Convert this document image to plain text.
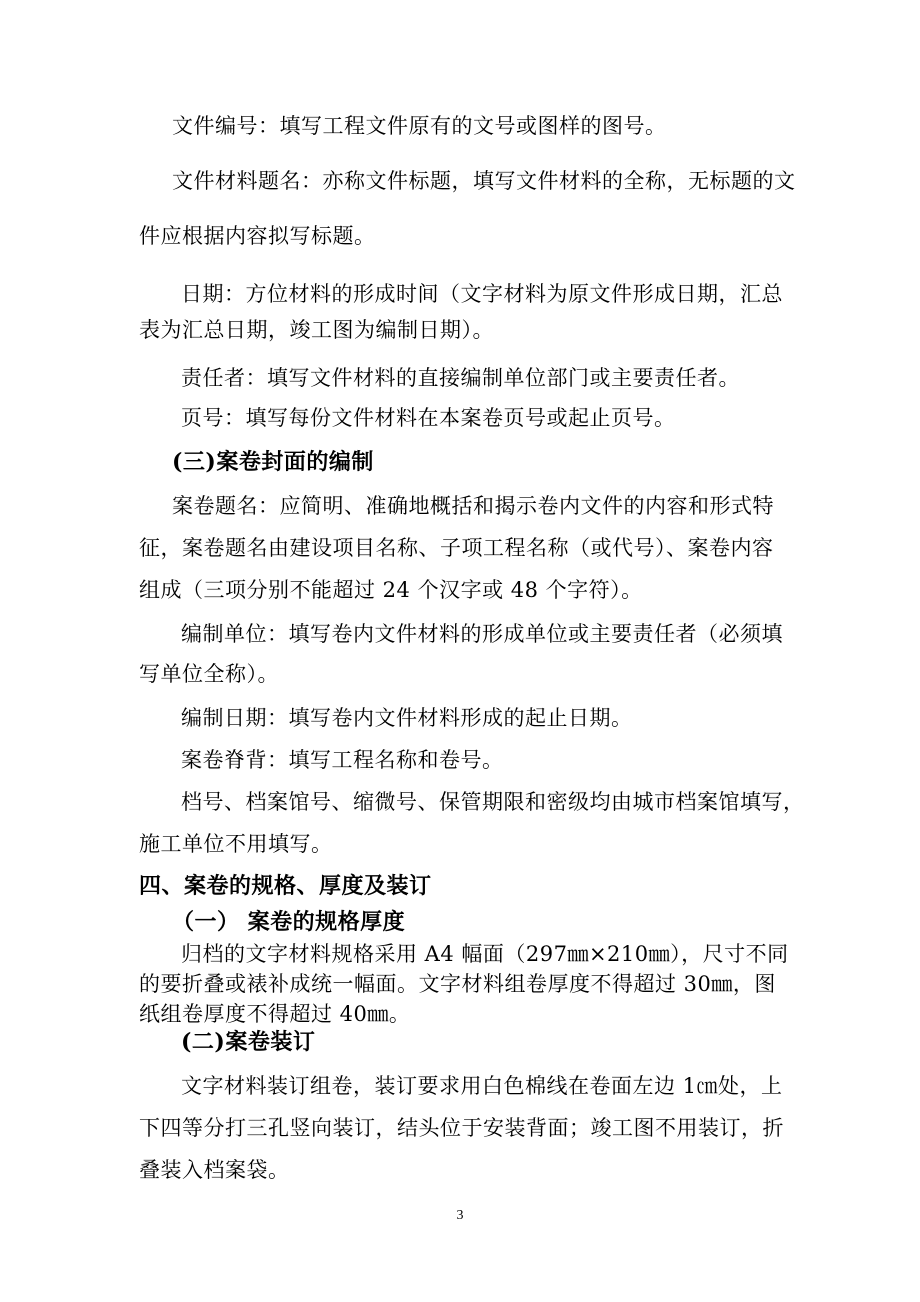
文件编号：填写工程文件原有的文号或图样的图号。
文件材料题名：亦称文件标题，填写文件材料的全称，无标题的文
件应根据内容拟写标题。
日期：方位材料的形成时间（文字材料为原文件形成日期，汇总
表为汇总日期，竣工图为编制日期）。
责任者：填写文件材料的直接编制单位部门或主要责任者。
页号：填写每份文件材料在本案卷页号或起止页号。
(三)案卷封面的编制
案卷题名：应简明、准确地概括和揭示卷内文件的内容和形式特
征，案卷题名由建设项目名称、子项工程名称（或代号）、案卷内容
组成（三项分别不能超过 24 个汉字或 48 个字符）。
编制单位：填写卷内文件材料的形成单位或主要责任者（必须填
写单位全称）。
编制日期：填写卷内文件材料形成的起止日期。
案卷脊背：填写工程名称和卷号。
档号、档案馆号、缩微号、保管期限和密级均由城市档案馆填写，
施工单位不用填写。
四、案卷的规格、厚度及装订
（一） 案卷的规格厚度
归档的文字材料规格采用 A4 幅面（297㎜×210㎜），尺寸不同
的要折叠或裱补成统一幅面。文字材料组卷厚度不得超过 30㎜，图
纸组卷厚度不得超过 40㎜。
(二)案卷装订
文字材料装订组卷，装订要求用白色棉线在卷面左边 1㎝处，上
下四等分打三孔竖向装订，结头位于安装背面；竣工图不用装订，折
叠装入档案袋。
3
